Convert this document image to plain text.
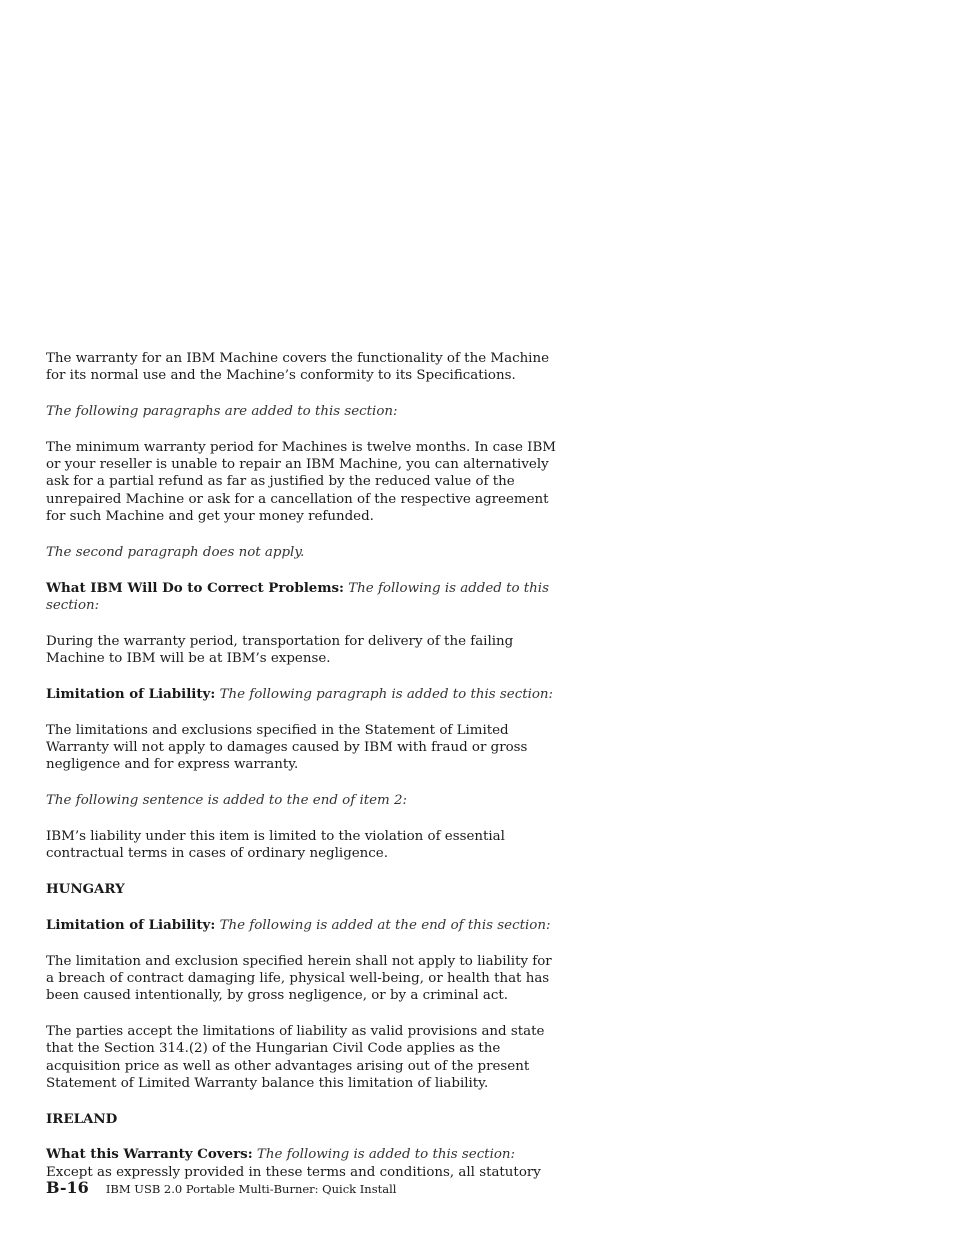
The warranty for an IBM Machine covers the functionality of the Machine for its normal use and the Machine’s conformity to its Specifications.

The following paragraphs are added to this section:

The minimum warranty period for Machines is twelve months. In case IBM or your reseller is unable to repair an IBM Machine, you can alternatively ask for a partial refund as far as justified by the reduced value of the unrepaired Machine or ask for a cancellation of the respective agreement for such Machine and get your money refunded.

The second paragraph does not apply.

What IBM Will Do to Correct Problems: The following is added to this section:

During the warranty period, transportation for delivery of the failing Machine to IBM will be at IBM’s expense.

Limitation of Liability: The following paragraph is added to this section:

The limitations and exclusions specified in the Statement of Limited Warranty will not apply to damages caused by IBM with fraud or gross negligence and for express warranty.

The following sentence is added to the end of item 2:

IBM’s liability under this item is limited to the violation of essential contractual terms in cases of ordinary negligence.

HUNGARY

Limitation of Liability: The following is added at the end of this section:

The limitation and exclusion specified herein shall not apply to liability for a breach of contract damaging life, physical well-being, or health that has been caused intentionally, by gross negligence, or by a criminal act.

The parties accept the limitations of liability as valid provisions and state that the Section 314.(2) of the Hungarian Civil Code applies as the acquisition price as well as other advantages arising out of the present Statement of Limited Warranty balance this limitation of liability.

IRELAND

What this Warranty Covers: The following is added to this section:

Except as expressly provided in these terms and conditions, all statutory

B-16 IBM USB 2.0 Portable Multi-Burner: Quick Install
